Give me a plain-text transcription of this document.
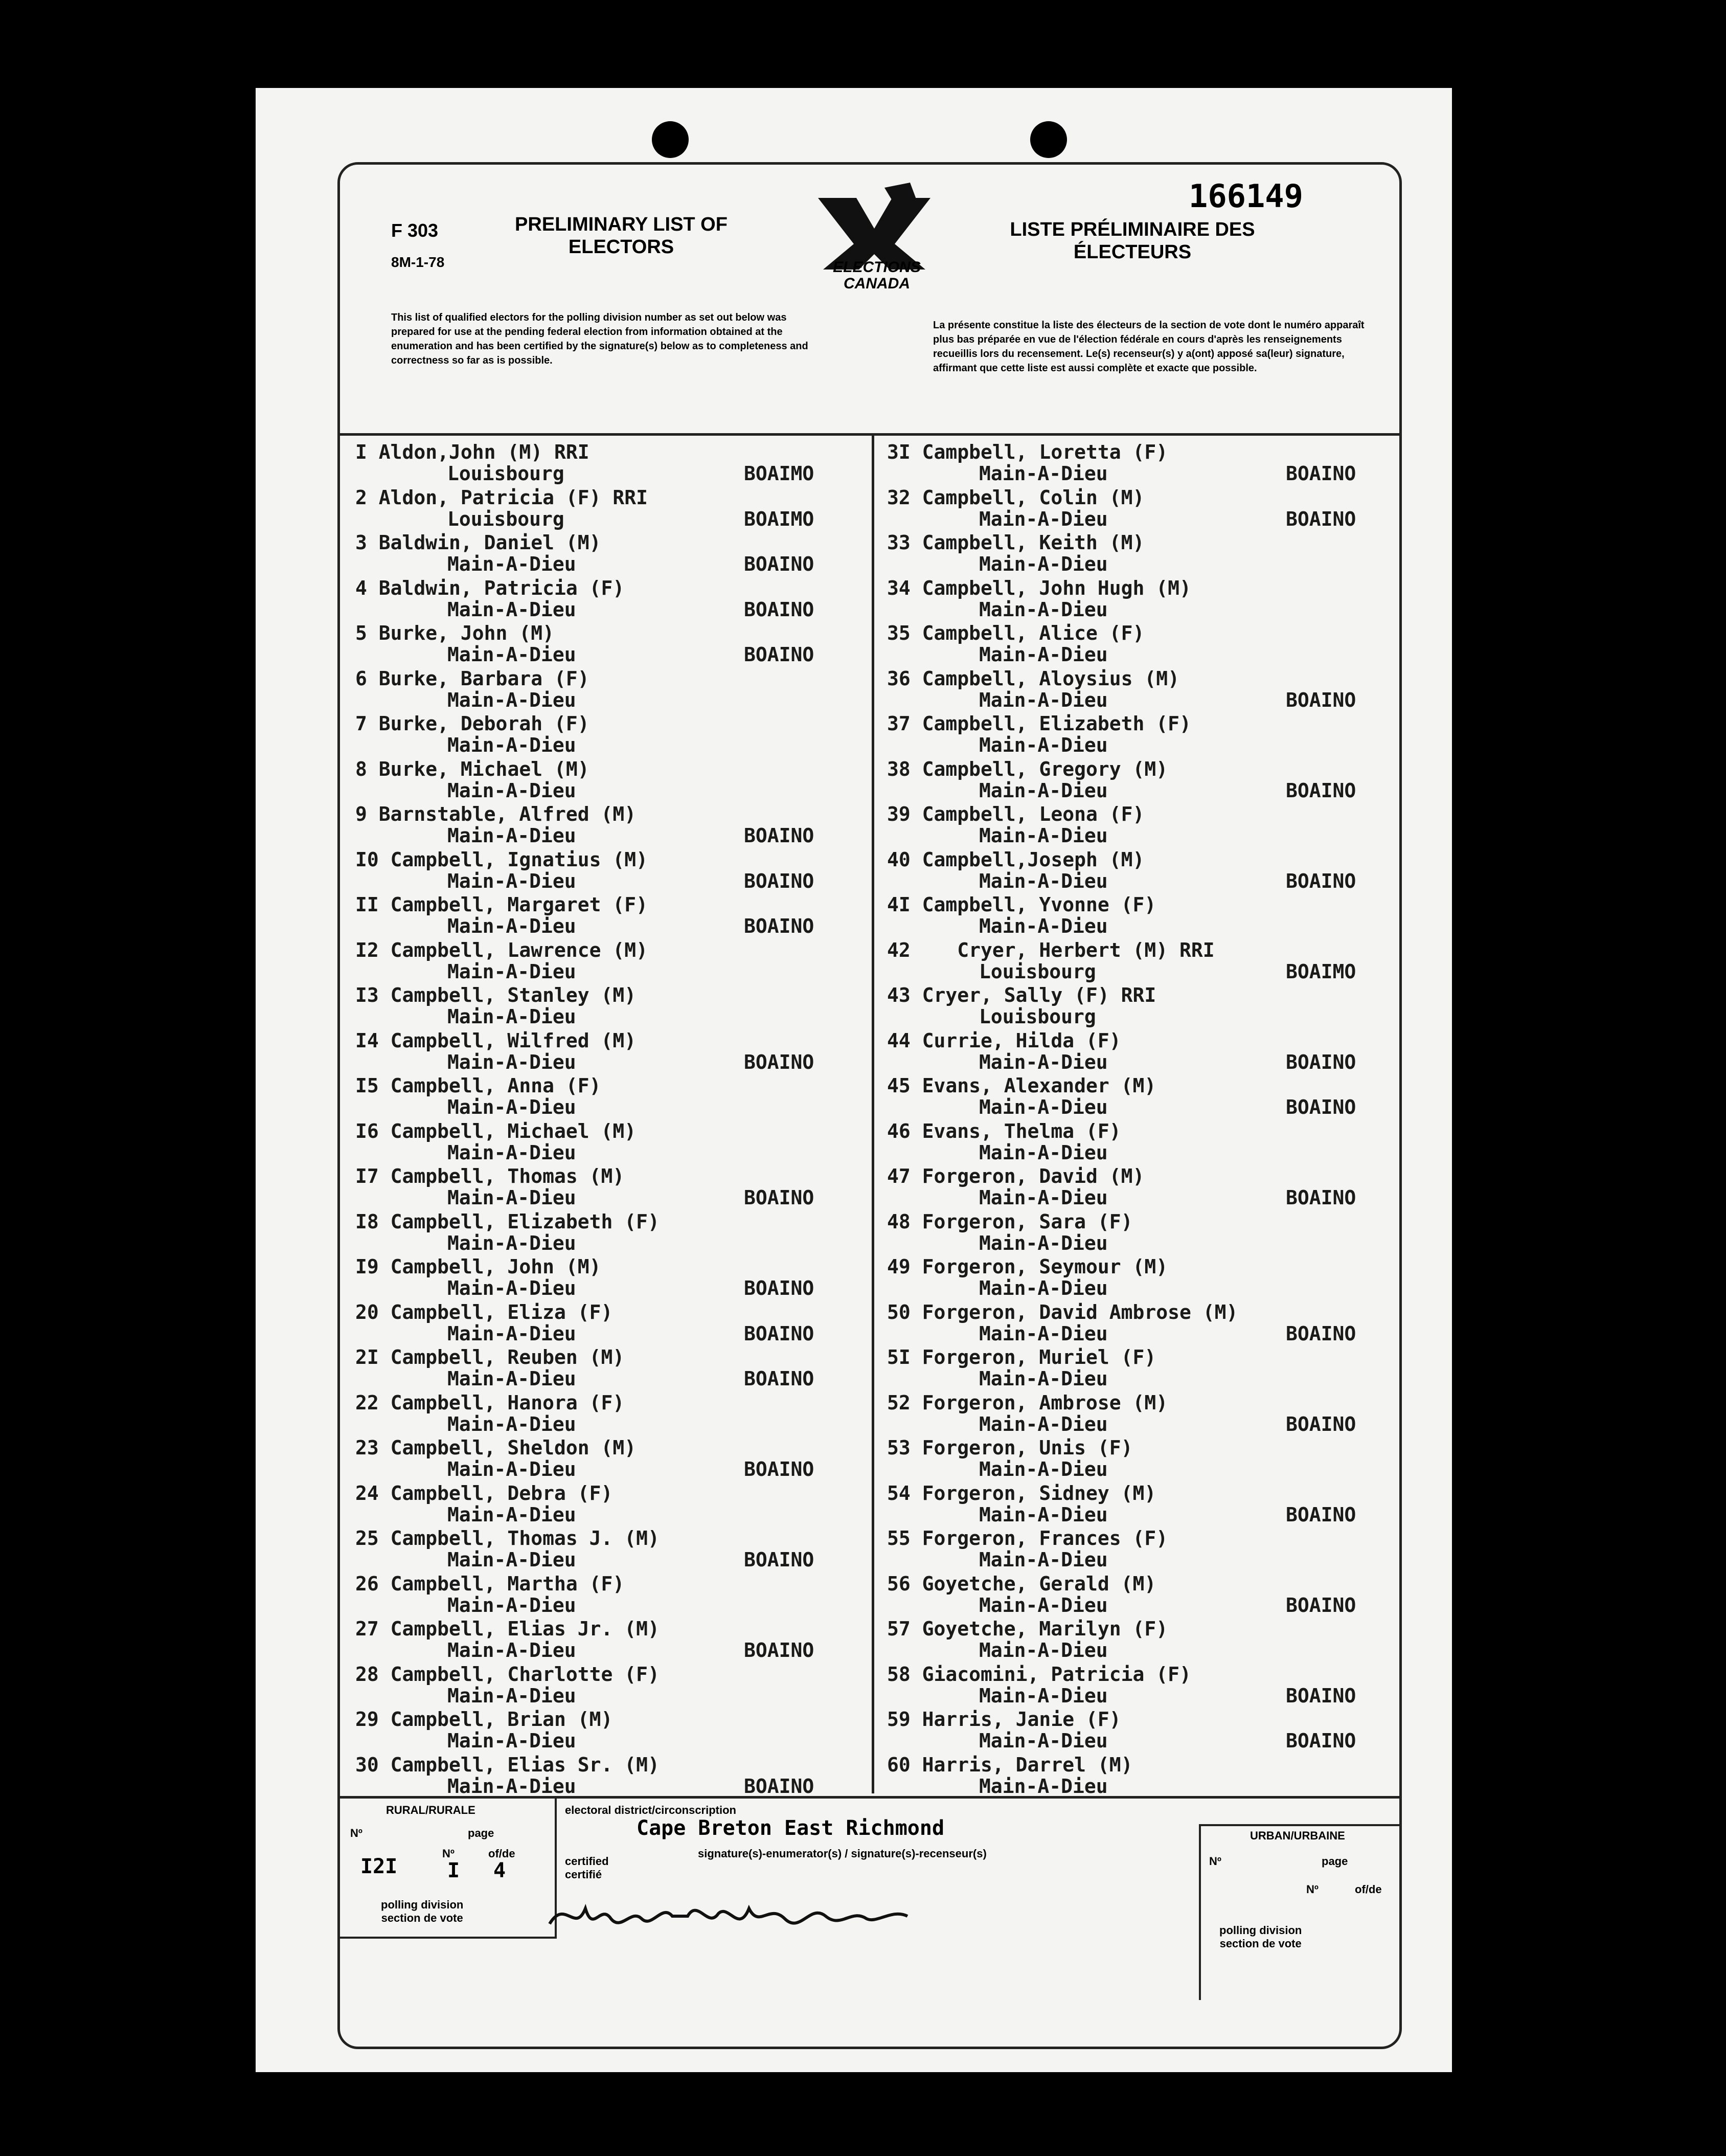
F 303
8M-1-78
PRELIMINARY LIST OF
ELECTORS
ELECTIONS
CANADA
166149
LISTE PRÉLIMINAIRE DES
ÉLECTEURS
This list of qualified electors for the polling division number as set out below was prepared for use at the pending federal election from information obtained at the enumeration and has been certified by the signature(s) below as to completeness and correctness so far as is possible.
La présente constitue la liste des électeurs de la section de vote dont le numéro apparaît plus bas préparée en vue de l'élection fédérale en cours d'après les renseignements recueillis lors du recensement. Le(s) recenseur(s) y a(ont) apposé sa(leur) signature, affirmant que cette liste est aussi complète et exacte que possible.
I Aldon,John (M) RRI
Louisbourg	BOAIMO
2 Aldon, Patricia (F) RRI
Louisbourg	BOAIMO
3 Baldwin, Daniel (M)
Main-A-Dieu	BOAINO
4 Baldwin, Patricia (F)
Main-A-Dieu	BOAINO
5 Burke, John (M)
Main-A-Dieu	BOAINO
6 Burke, Barbara (F)
Main-A-Dieu
7 Burke, Deborah (F)
Main-A-Dieu
8 Burke, Michael (M)
Main-A-Dieu
9 Barnstable, Alfred (M)
Main-A-Dieu	BOAINO
I0 Campbell, Ignatius (M)
Main-A-Dieu	BOAINO
II Campbell, Margaret (F)
Main-A-Dieu	BOAINO
I2 Campbell, Lawrence (M)
Main-A-Dieu
I3 Campbell, Stanley (M)
Main-A-Dieu
I4 Campbell, Wilfred (M)
Main-A-Dieu	BOAINO
I5 Campbell, Anna (F)
Main-A-Dieu
I6 Campbell, Michael (M)
Main-A-Dieu
I7 Campbell, Thomas (M)
Main-A-Dieu	BOAINO
I8 Campbell, Elizabeth (F)
Main-A-Dieu
I9 Campbell, John (M)
Main-A-Dieu	BOAINO
20 Campbell, Eliza (F)
Main-A-Dieu	BOAINO
2I Campbell, Reuben (M)
Main-A-Dieu	BOAINO
22 Campbell, Hanora (F)
Main-A-Dieu
23 Campbell, Sheldon (M)
Main-A-Dieu	BOAINO
24 Campbell, Debra (F)
Main-A-Dieu
25 Campbell, Thomas J. (M)
Main-A-Dieu	BOAINO
26 Campbell, Martha (F)
Main-A-Dieu
27 Campbell, Elias Jr. (M)
Main-A-Dieu	BOAINO
28 Campbell, Charlotte (F)
Main-A-Dieu
29 Campbell, Brian (M)
Main-A-Dieu
30 Campbell, Elias Sr. (M)
Main-A-Dieu	BOAINO
3I Campbell, Loretta (F)
Main-A-Dieu	BOAINO
32 Campbell, Colin (M)
Main-A-Dieu	BOAINO
33 Campbell, Keith (M)
Main-A-Dieu
34 Campbell, John Hugh (M)
Main-A-Dieu
35 Campbell, Alice (F)
Main-A-Dieu
36 Campbell, Aloysius (M)
Main-A-Dieu	BOAINO
37 Campbell, Elizabeth (F)
Main-A-Dieu
38 Campbell, Gregory (M)
Main-A-Dieu	BOAINO
39 Campbell, Leona (F)
Main-A-Dieu
40 Campbell,Joseph (M)
Main-A-Dieu	BOAINO
4I Campbell, Yvonne (F)
Main-A-Dieu
42    Cryer, Herbert (M) RRI
Louisbourg	BOAIMO
43 Cryer, Sally (F) RRI
Louisbourg
44 Currie, Hilda (F)
Main-A-Dieu	BOAINO
45 Evans, Alexander (M)
Main-A-Dieu	BOAINO
46 Evans, Thelma (F)
Main-A-Dieu
47 Forgeron, David (M)
Main-A-Dieu	BOAINO
48 Forgeron, Sara (F)
Main-A-Dieu
49 Forgeron, Seymour (M)
Main-A-Dieu
50 Forgeron, David Ambrose (M)
Main-A-Dieu	BOAINO
5I Forgeron, Muriel (F)
Main-A-Dieu
52 Forgeron, Ambrose (M)
Main-A-Dieu	BOAINO
53 Forgeron, Unis (F)
Main-A-Dieu
54 Forgeron, Sidney (M)
Main-A-Dieu	BOAINO
55 Forgeron, Frances (F)
Main-A-Dieu
56 Goyetche, Gerald (M)
Main-A-Dieu	BOAINO
57 Goyetche, Marilyn (F)
Main-A-Dieu
58 Giacomini, Patricia (F)
Main-A-Dieu	BOAINO
59 Harris, Janie (F)
Main-A-Dieu	BOAINO
60 Harris, Darrel (M)
Main-A-Dieu
RURAL/RURALE
Nº	page
I2I
Nº
I
of/de
4
polling division
section de vote
electoral district/circonscription
Cape Breton East Richmond
signature(s)-enumerator(s) / signature(s)-recenseur(s)
certified
certifié
URBAN/URBAINE
Nº	page
Nº	of/de
polling division
section de vote
